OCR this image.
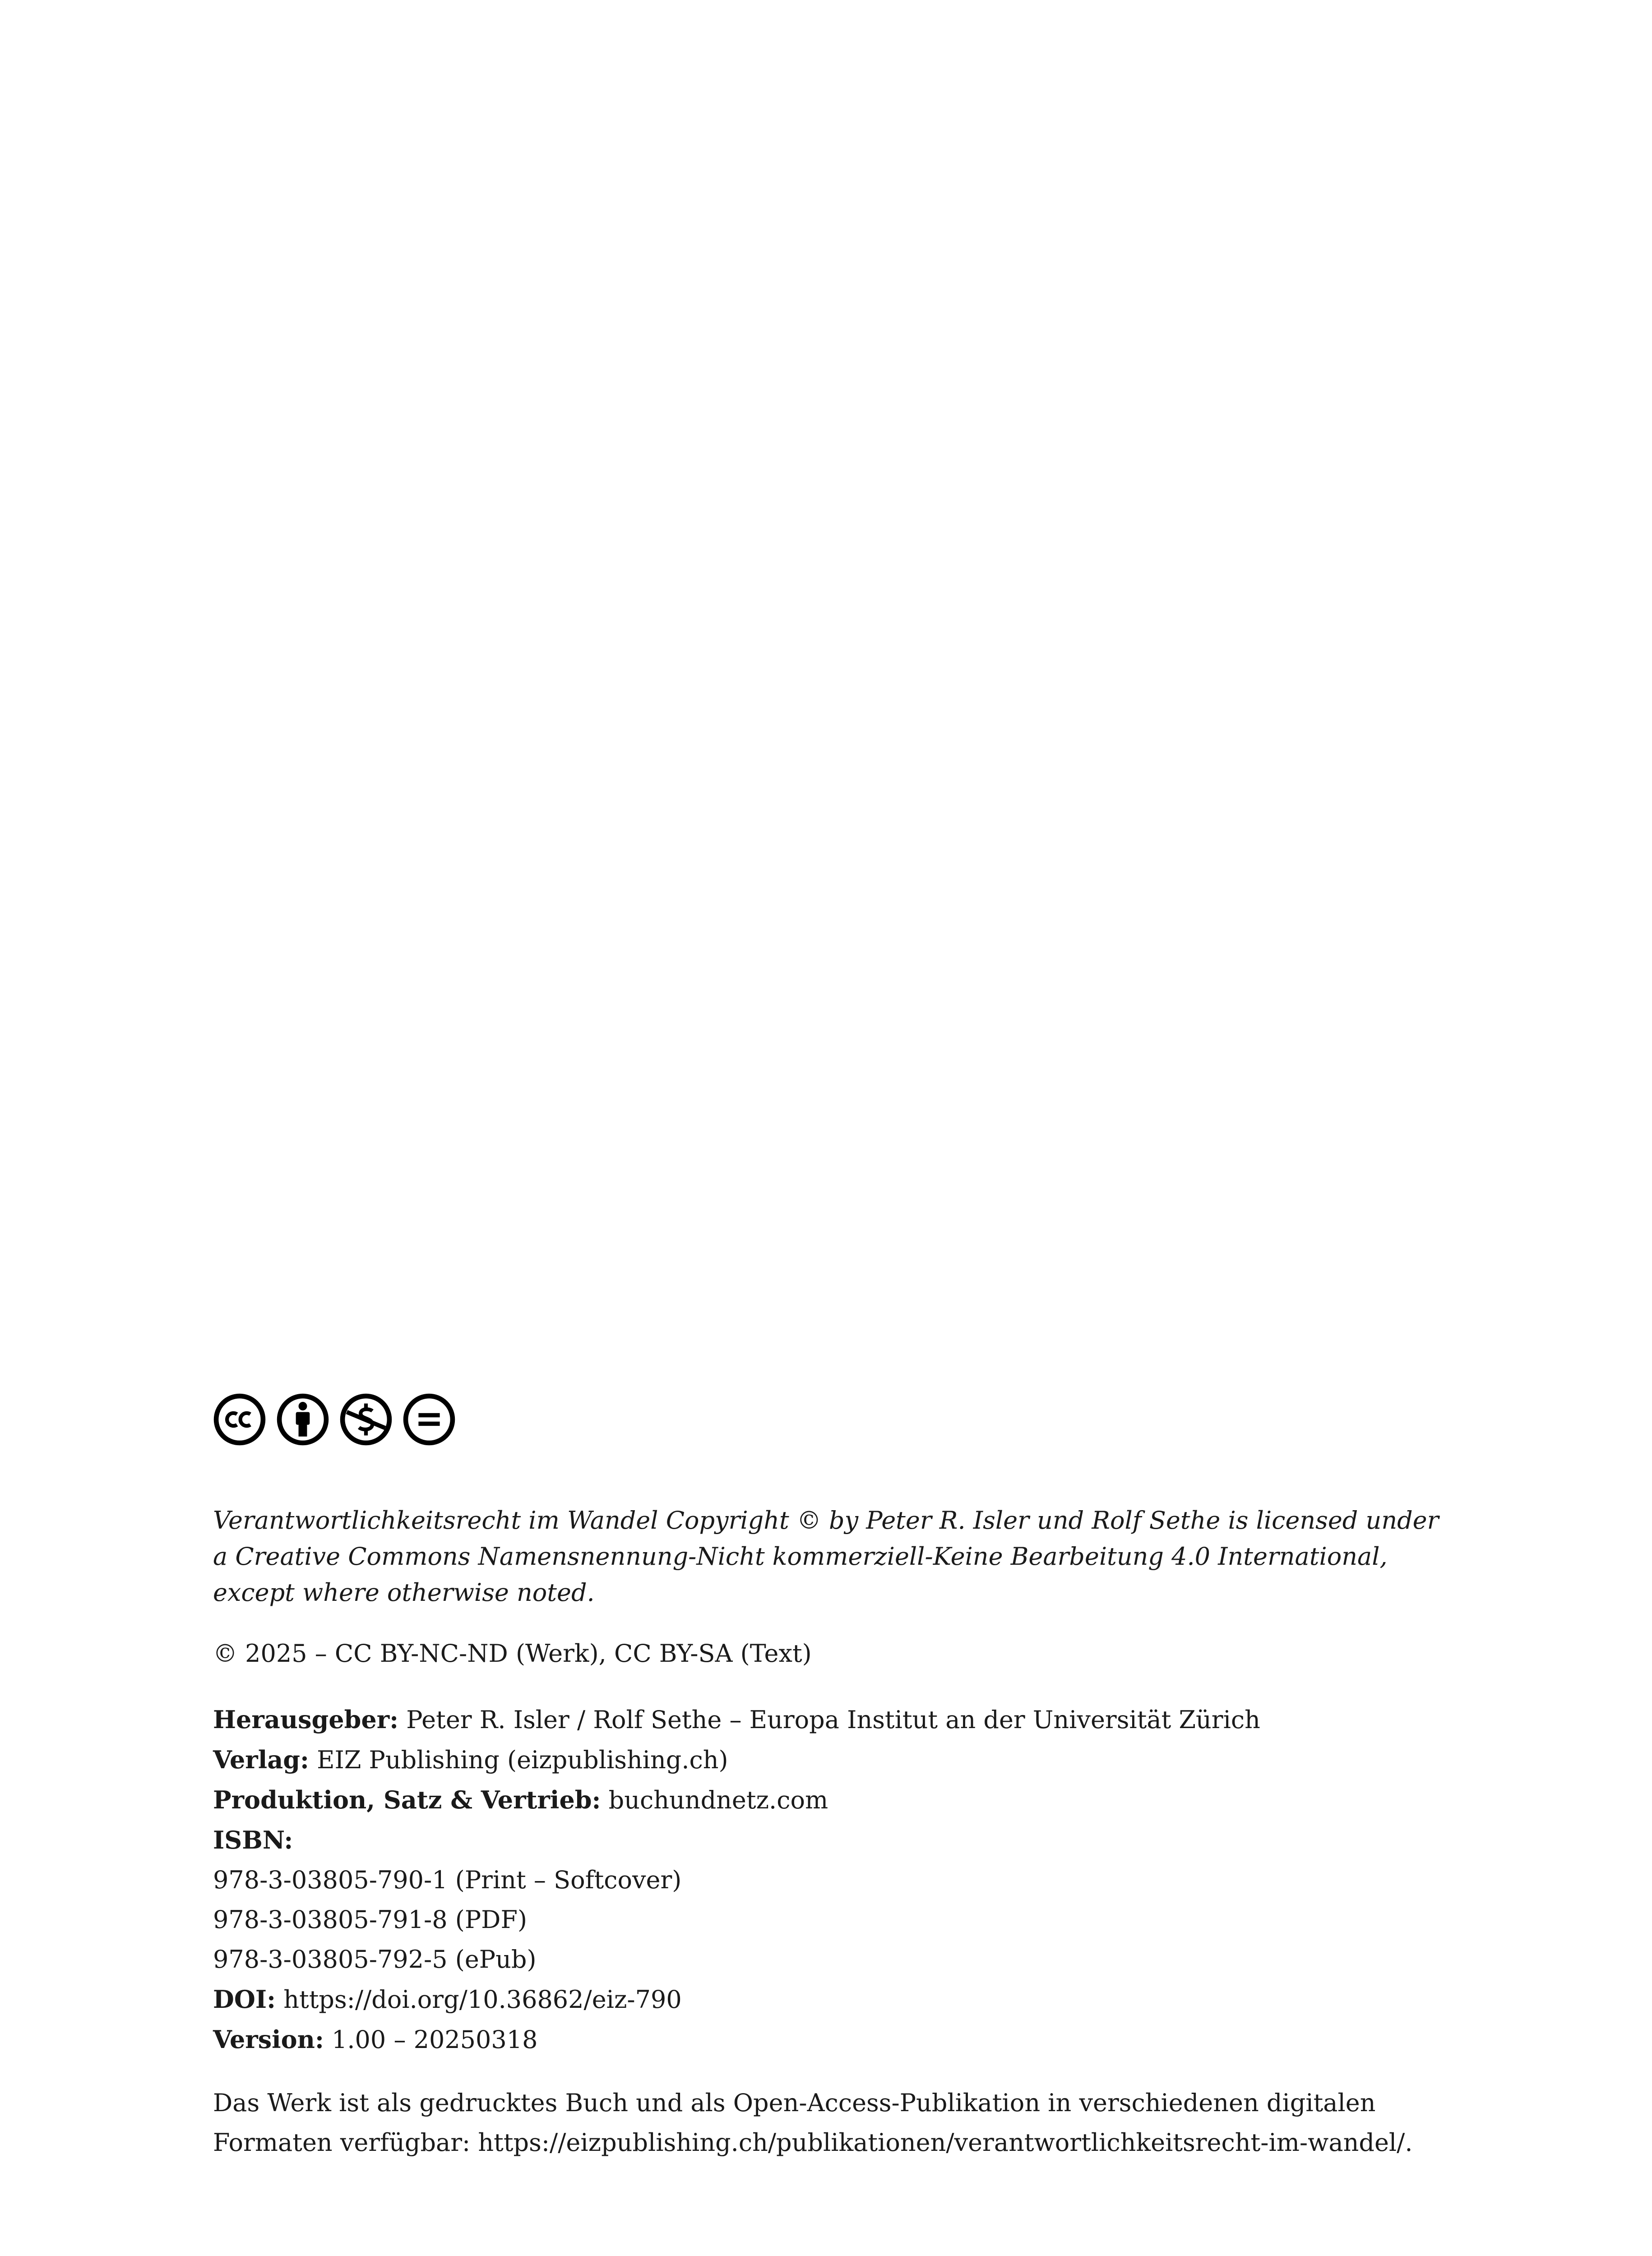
Verantwortlichkeitsrecht im Wandel Copyright © by Peter R. Isler und Rolf Sethe is licensed under a Creative Commons Namensnennung-Nicht kommerziell-Keine Bearbeitung 4.0 International, except where otherwise noted.

© 2025 – CC BY-NC-ND (Werk), CC BY-SA (Text)

Herausgeber: Peter R. Isler / Rolf Sethe – Europa Institut an der Universität Zürich
Verlag: EIZ Publishing (eizpublishing.ch)
Produktion, Satz & Vertrieb: buchundnetz.com
ISBN:
978-3-03805-790-1 (Print – Softcover)
978-3-03805-791-8 (PDF)
978-3-03805-792-5 (ePub)
DOI: https://doi.org/10.36862/eiz-790
Version: 1.00 – 20250318

Das Werk ist als gedrucktes Buch und als Open-Access-Publikation in verschiedenen digitalen Formaten verfügbar: https://eizpublishing.ch/publikationen/verantwortlichkeitsrecht-im-wandel/.
